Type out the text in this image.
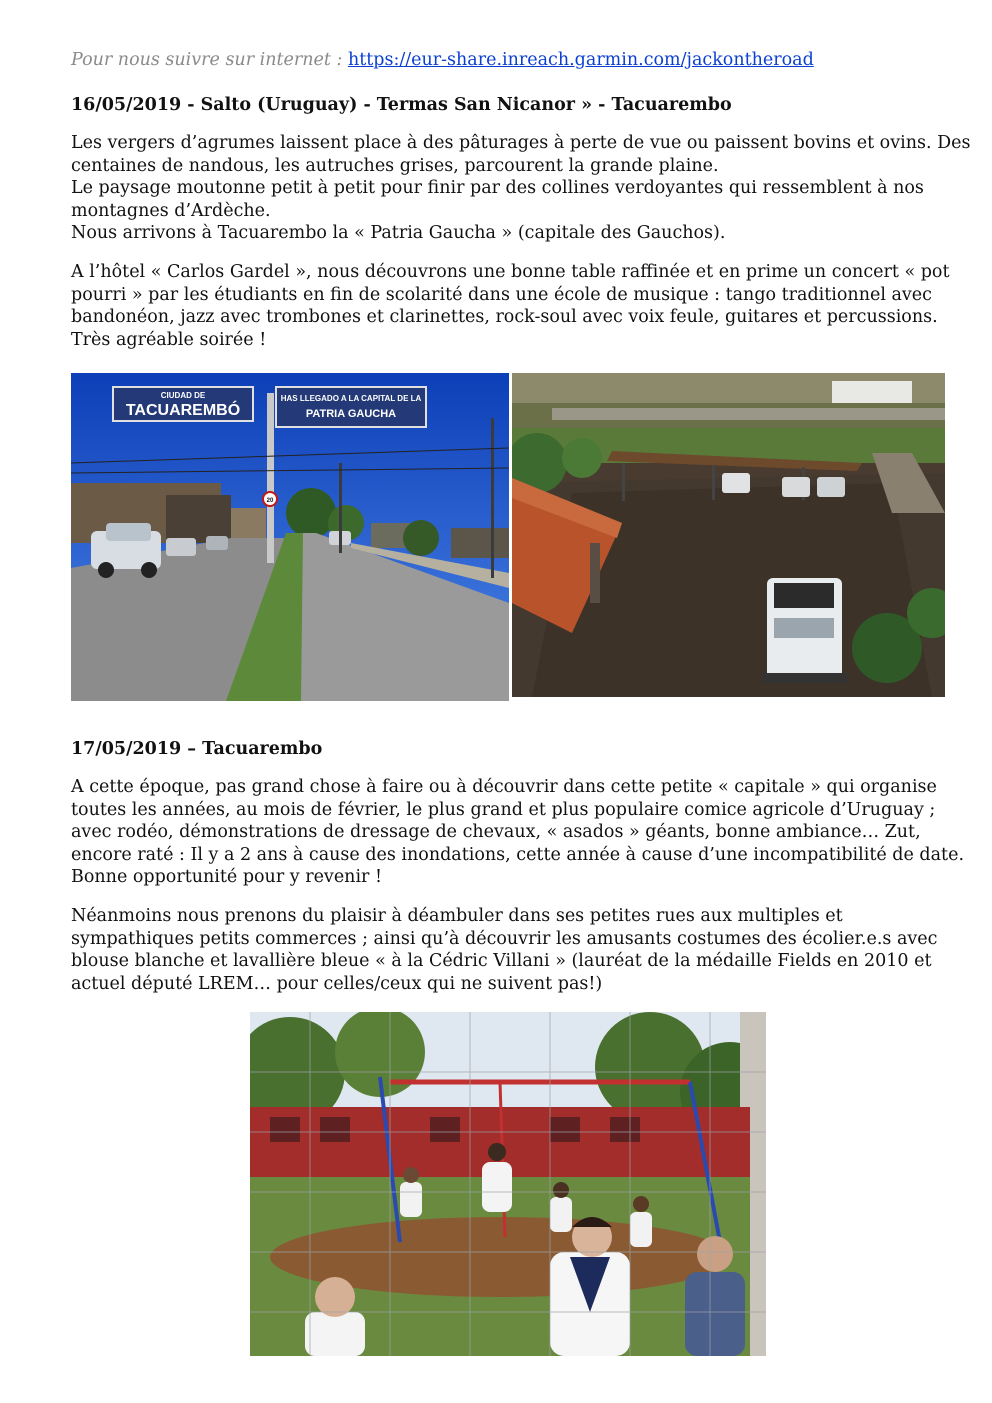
Pour nous suivre sur internet : https://eur-share.inreach.garmin.com/jackontheroad
16/05/2019 - Salto (Uruguay) - Termas San Nicanor » - Tacuarembo

Les vergers d’agrumes laissent place à des pâturages à perte de vue ou paissent bovins et ovins. Des
centaines de nandous, les autruches grises, parcourent la grande plaine.
Le paysage moutonne petit à petit pour finir par des collines verdoyantes qui ressemblent à nos
montagnes d’Ardèche.
Nous arrivons à Tacuarembo la « Patria Gaucha » (capitale des Gauchos).

A l’hôtel « Carlos Gardel », nous découvrons une bonne table raffinée et en prime un concert « pot
pourri » par les étudiants en fin de scolarité dans une école de musique : tango traditionnel avec
bandonéon, jazz avec trombones et clarinettes, rock-soul avec voix feule, guitares et percussions.
Très agréable soirée !

17/05/2019 – Tacuarembo

A cette époque, pas grand chose à faire ou à découvrir dans cette petite « capitale » qui organise
toutes les années, au mois de février, le plus grand et plus populaire comice agricole d’Uruguay ;
avec rodéo, démonstrations de dressage de chevaux, « asados » géants, bonne ambiance… Zut,
encore raté : Il y a 2 ans à cause des inondations, cette année à cause d’une incompatibilité de date.
Bonne opportunité pour y revenir !

Néanmoins nous prenons du plaisir à déambuler dans ses petites rues aux multiples et
sympathiques petits commerces ; ainsi qu’à découvrir les amusants costumes des écolier.e.s avec
blouse blanche et lavallière bleue « à la Cédric Villani » (lauréat de la médaille Fields en 2010 et
actuel député LREM… pour celles/ceux qui ne suivent pas!)

CIUDAD DE
TACUAREMBÓ
HAS LLEGADO A LA CAPITAL DE LA
PATRIA GAUCHA
20
